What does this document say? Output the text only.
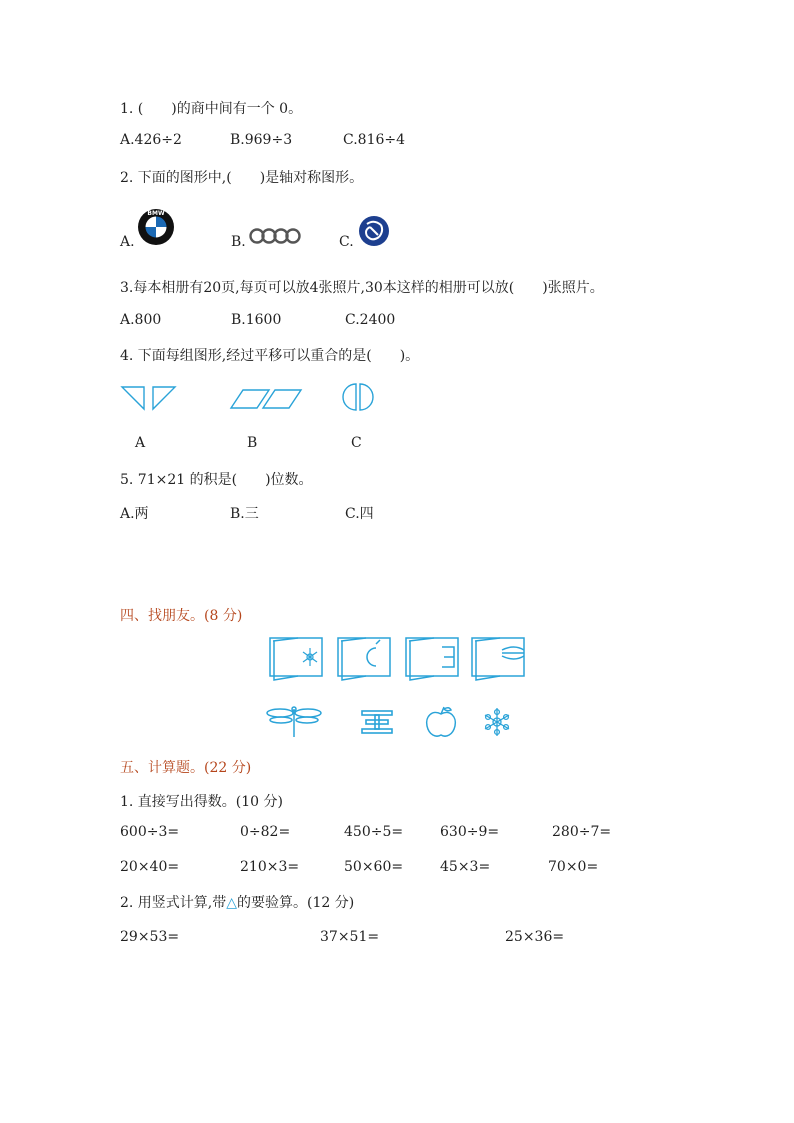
1. (　　)的商中间有一个 0。
A.426÷2	B.969÷3	C.816÷4
2. 下面的图形中,(　　)是轴对称图形。
A.
BMW
B.	C.
3.每本相册有20页,每页可以放4张照片,30本这样的相册可以放(　　)张照片。
A.800	B.1600	C.2400
4. 下面每组图形,经过平移可以重合的是(　　)。
A	B	C
5. 71×21 的积是(　　)位数。
A.两	B.三	C.四
四、找朋友。(8 分)
五、计算题。(22 分)
1. 直接写出得数。(10 分)
600÷3=	0÷82=	450÷5=	630÷9=	280÷7=
20×40=	210×3=	50×60=	45×3=	70×0=
2. 用竖式计算,带△的要验算。(12 分)
29×53=	37×51=	25×36=
